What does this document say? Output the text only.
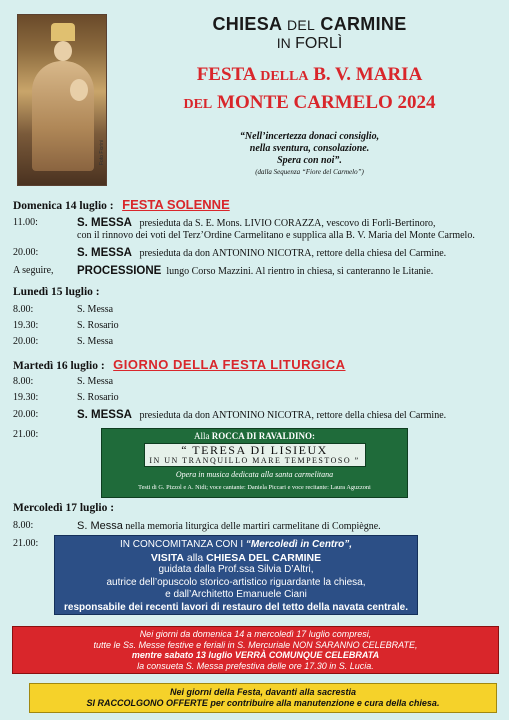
Foto Fiorini
CHIESA DEL CARMINE
IN FORLÌ
FESTA DELLA B. V. MARIA
DEL MONTE CARMELO 2024
“Nell’incertezza donaci consiglio,
nella sventura, consolazione.
Spera con noi”.
(dalla Sequenza “Fiore del Carmelo”)
Domenica 14 luglio : FESTA SOLENNE
11.00:	S. MESSA presieduta da S. E. Mons. LIVIO CORAZZA, vescovo di Forlì-Bertinoro,
con il rinnovo dei voti del Terz’Ordine Carmelitano e supplica alla B. V. Maria del Monte Carmelo.
20.00:	S. MESSA presieduta da don ANTONINO NICOTRA, rettore della chiesa del Carmine.
A seguire, PROCESSIONE lungo Corso Mazzini. Al rientro in chiesa, si canteranno le Litanie.
Lunedì 15 luglio :
8.00:	S. Messa
19.30:	S. Rosario
20.00:	S. Messa
Martedì 16 luglio : GIORNO DELLA FESTA LITURGICA
8.00:	S. Messa
19.30:	S. Rosario
20.00:	S. MESSA presieduta da don ANTONINO NICOTRA, rettore della chiesa del Carmine.
21.00:	Alla ROCCA DI RAVALDINO:
“ TERESA DI LISIEUX
IN UN TRANQUILLO MARE TEMPESTOSO ”
Opera in musica dedicata alla santa carmelitana
Testi di G. Pizzol e A. Nidi; voce cantante: Daniela Piccari e voce recitante: Laura Aguzzoni
Mercoledì 17 luglio :
8.00:	S. Messa nella memoria liturgica delle martiri carmelitane di Compiègne.
21.00:	IN CONCOMITANZA CON I “Mercoledì in Centro”,
VISITA alla CHIESA DEL CARMINE
guidata dalla Prof.ssa Silvia D’Altri,
autrice dell’opuscolo storico-artistico riguardante la chiesa,
e dall’Architetto Emanuele Ciani
responsabile dei recenti lavori di restauro del tetto della navata centrale.
Nei giorni da domenica 14 a mercoledì 17 luglio compresi,
tutte le Ss. Messe festive e feriali in S. Mercuriale NON SARANNO CELEBRATE,
mentre sabato 13 luglio VERRÀ COMUNQUE CELEBRATA
la consueta S. Messa prefestiva delle ore 17.30 in S. Lucia.
Nei giorni della Festa, davanti alla sacrestia
SI RACCOLGONO OFFERTE per contribuire alla manutenzione e cura della chiesa.
